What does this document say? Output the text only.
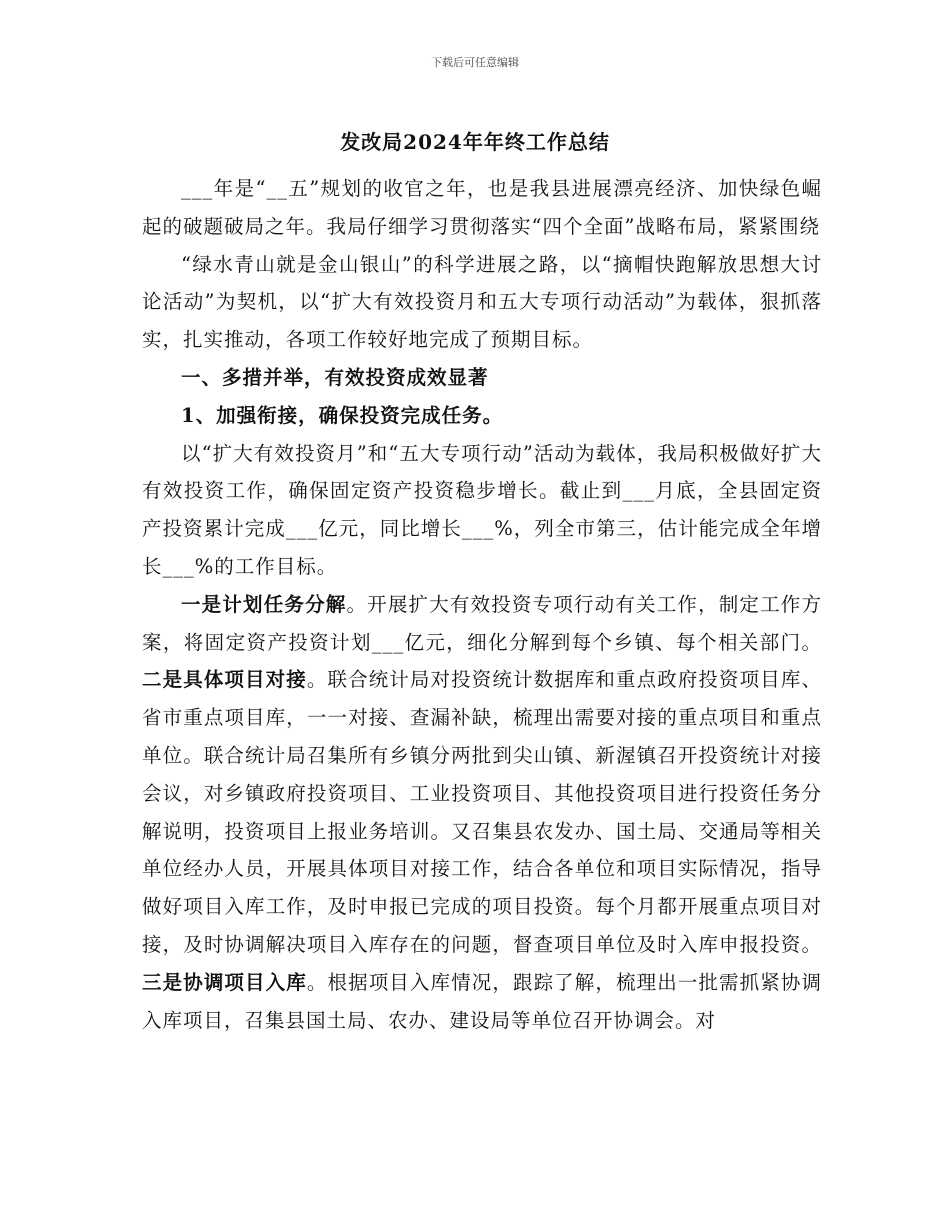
下载后可任意编辑
发改局2024年年终工作总结

___年是“__五”规划的收官之年，也是我县进展漂亮经济、加快绿色崛起的破题破局之年。我局仔细学习贯彻落实“四个全面”战略布局，紧紧围绕

“绿水青山就是金山银山”的科学进展之路，以“摘帽快跑解放思想大讨论活动”为契机，以“扩大有效投资月和五大专项行动活动”为载体，狠抓落实，扎实推动，各项工作较好地完成了预期目标。

一、多措并举，有效投资成效显著

1、加强衔接，确保投资完成任务。

以“扩大有效投资月”和“五大专项行动”活动为载体，我局积极做好扩大有效投资工作，确保固定资产投资稳步增长。截止到___月底，全县固定资产投资累计完成___亿元，同比增长___%，列全市第三，估计能完成全年增长___%的工作目标。

一是计划任务分解。开展扩大有效投资专项行动有关工作，制定工作方案，将固定资产投资计划___亿元，细化分解到每个乡镇、每个相关部门。二是具体项目对接。联合统计局对投资统计数据库和重点政府投资项目库、省市重点项目库，一一对接、查漏补缺，梳理出需要对接的重点项目和重点单位。联合统计局召集所有乡镇分两批到尖山镇、新渥镇召开投资统计对接会议，对乡镇政府投资项目、工业投资项目、其他投资项目进行投资任务分解说明，投资项目上报业务培训。又召集县农发办、国土局、交通局等相关单位经办人员，开展具体项目对接工作，结合各单位和项目实际情况，指导做好项目入库工作，及时申报已完成的项目投资。每个月都开展重点项目对接，及时协调解决项目入库存在的问题，督查项目单位及时入库申报投资。三是协调项目入库。根据项目入库情况，跟踪了解，梳理出一批需抓紧协调入库项目，召集县国土局、农办、建设局等单位召开协调会。对
